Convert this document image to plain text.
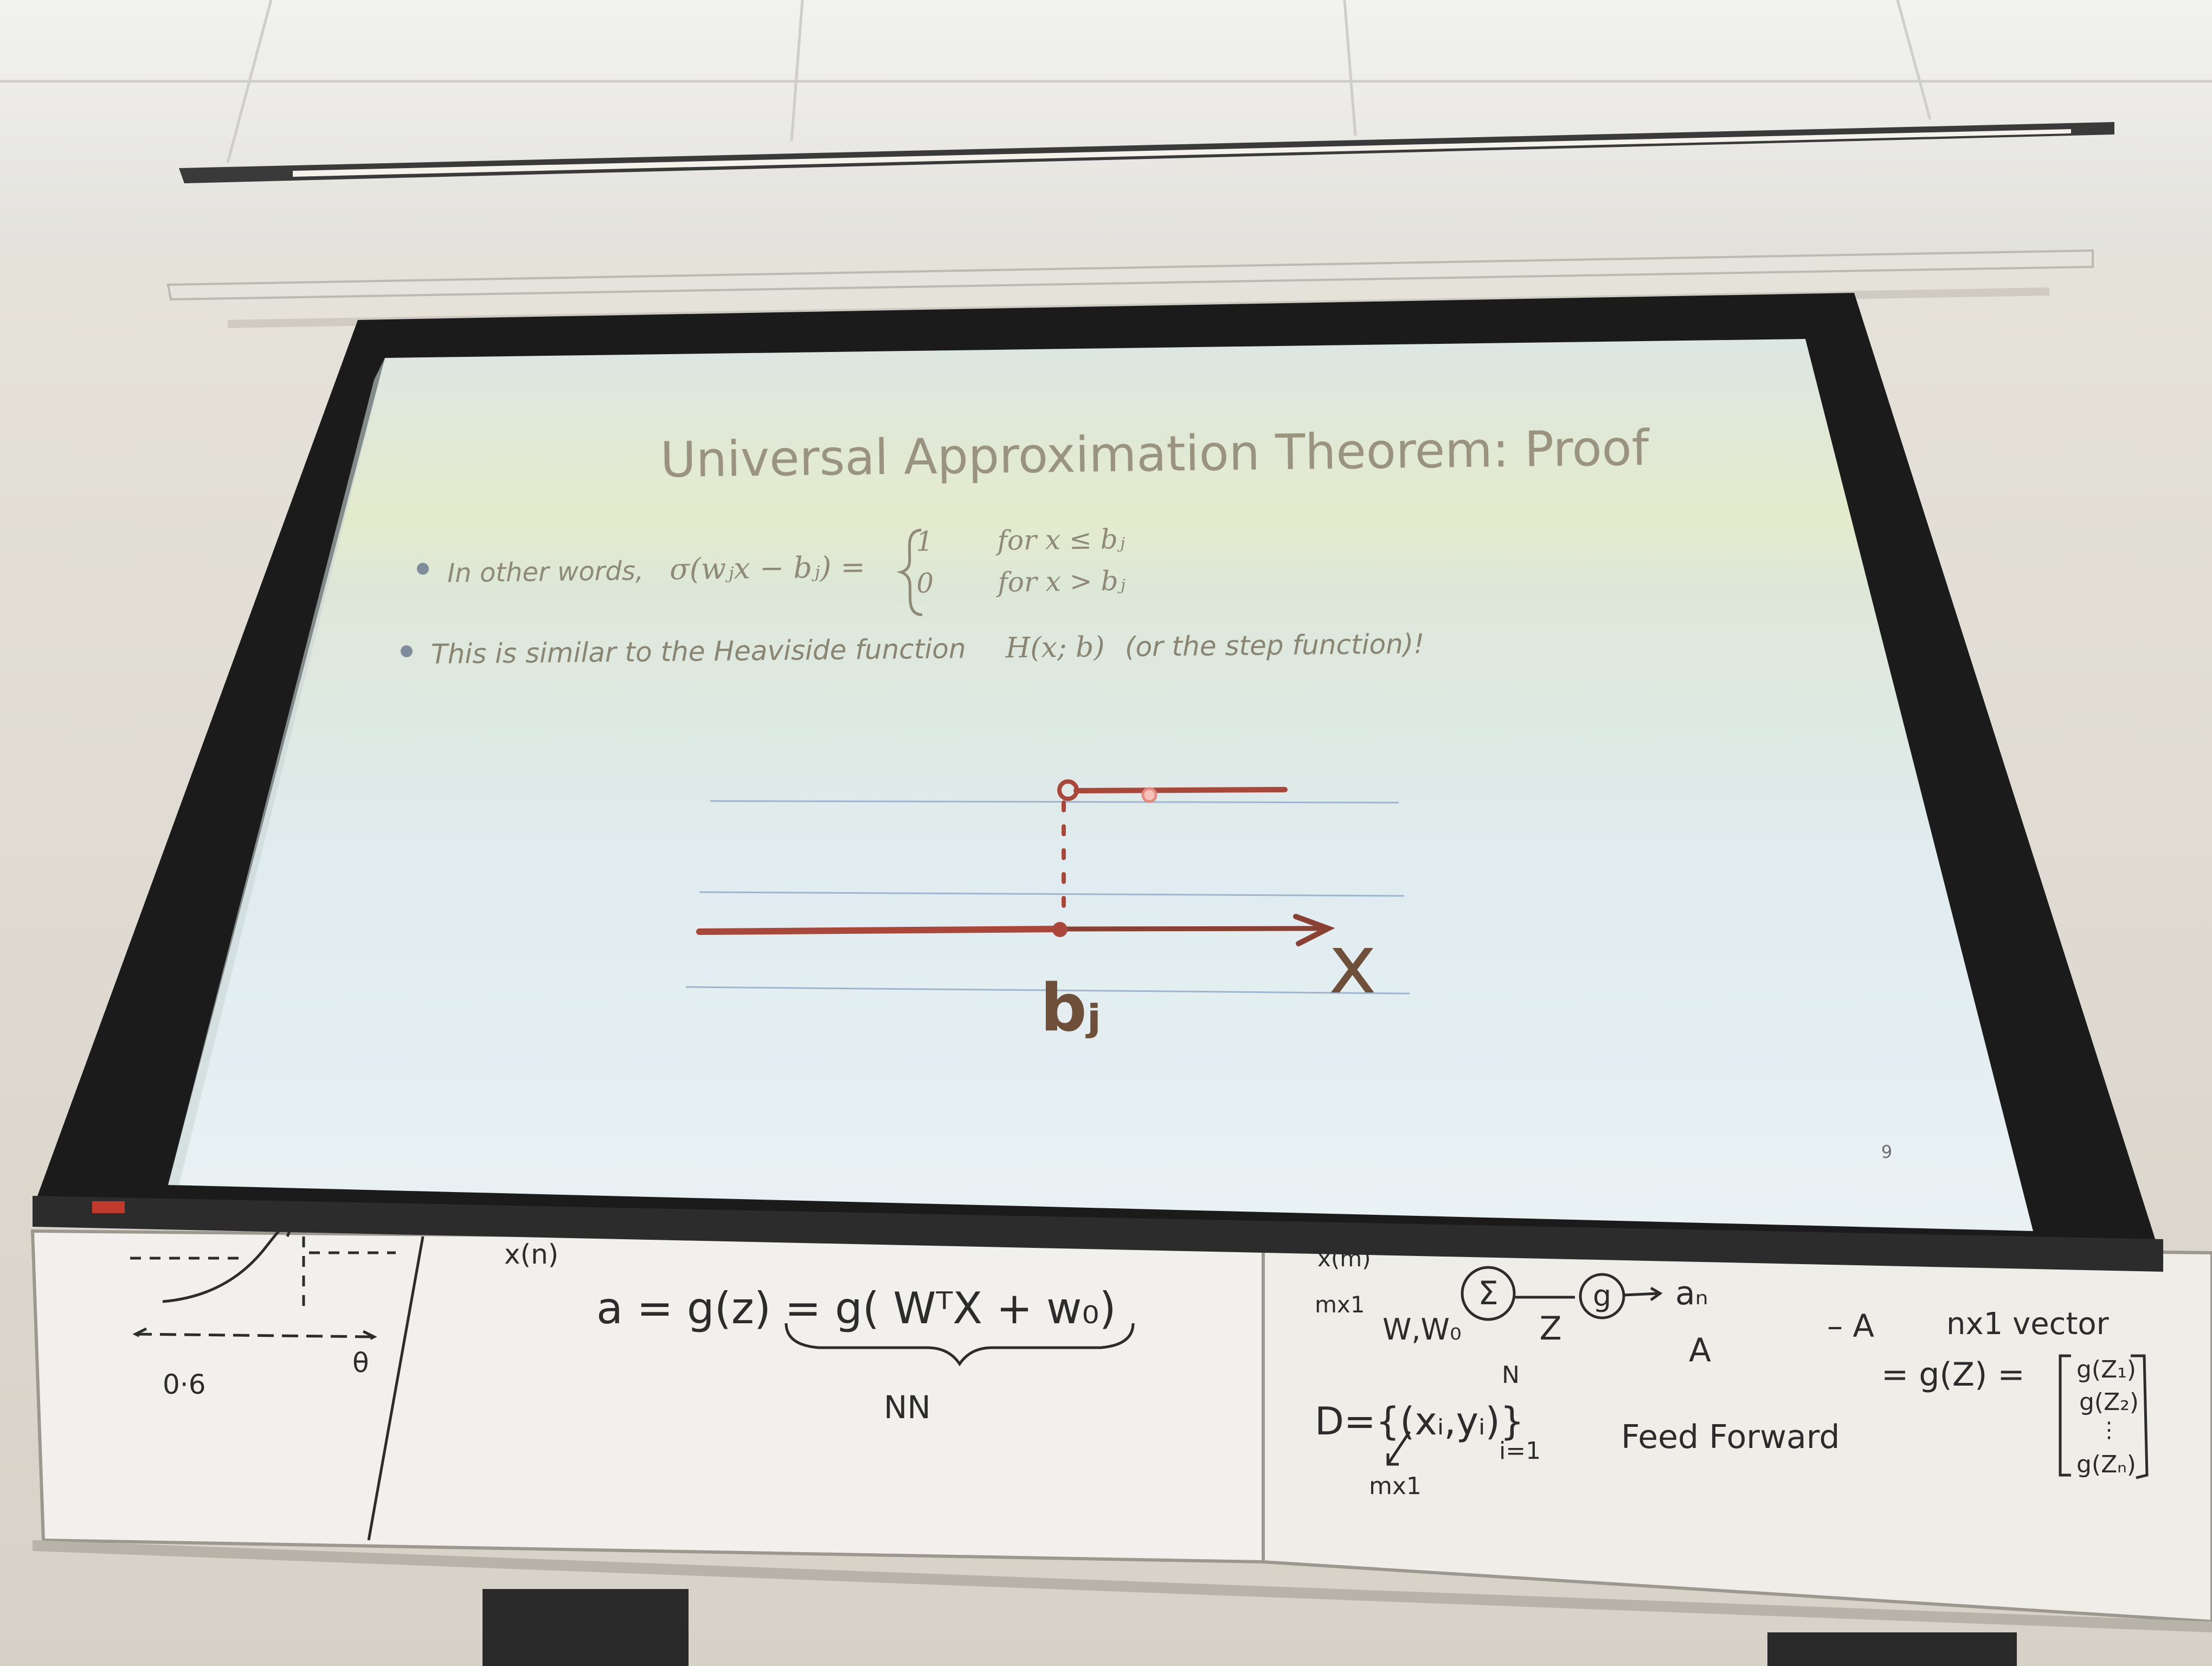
Universal Approximation Theorem: Proof
In other words, σ(wⱼx − bⱼ) =
1 for x ≤ bⱼ
0 for x > bⱼ
This is similar to the Heaviside function H(x; b) (or the step function)!
x
bⱼ
9
0·6
θ
x(n)
a = g(z) = g( WᵀX + w₀)
NN
x(m)
mx1
W,W₀
Σ
Z
g aₙ
A
D={(xᵢ,yᵢ)}
N
i=1
mx1
Feed Forward
– A nx1 vector
= g(Z) = g(Z₁)
g(Z₂)
⋮
g(Zₙ)
